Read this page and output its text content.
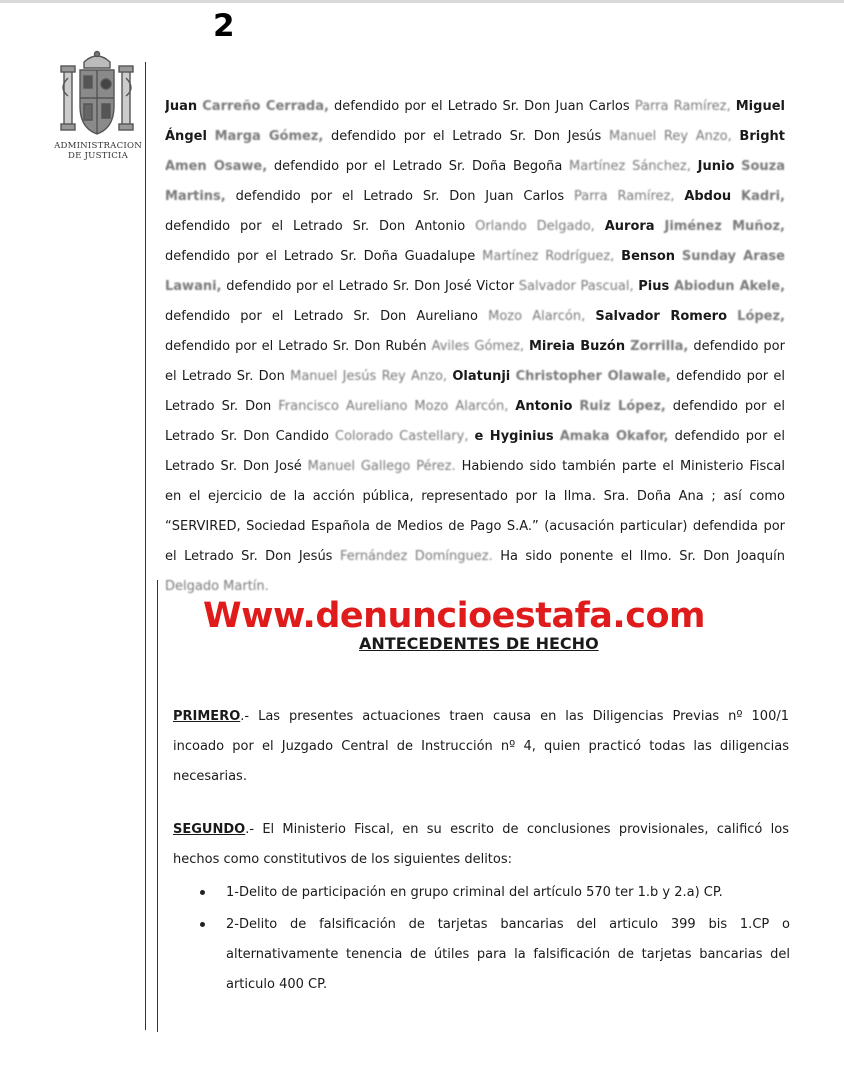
2
ADMINISTRACION DE JUSTICIA
Juan Carreño Cerrada, defendido por el Letrado Sr. Don Juan Carlos Parra Ramírez, Miguel
Ángel Marga Gómez, defendido por el Letrado Sr. Don Jesús Manuel Rey Anzo, Bright
Amen Osawe, defendido por el Letrado Sr. Doña Begoña Martínez Sánchez, Junio Souza
Martins, defendido por el Letrado Sr. Don Juan Carlos Parra Ramírez, Abdou Kadri,
defendido por el Letrado Sr. Don Antonio Orlando Delgado, Aurora Jiménez Muñoz,
defendido por el Letrado Sr. Doña Guadalupe Martínez Rodríguez, Benson Sunday Arase
Lawani, defendido por el Letrado Sr. Don José Victor Salvador Pascual, Pius Abiodun Akele,
defendido por el Letrado Sr. Don Aureliano Mozo Alarcón, Salvador Romero López,
defendido por el Letrado Sr. Don Rubén Aviles Gómez, Mireia Buzón Zorrilla, defendido por
el Letrado Sr. Don Manuel Jesús Rey Anzo, Olatunji Christopher Olawale, defendido por el
Letrado Sr. Don Francisco Aureliano Mozo Alarcón, Antonio Ruiz López, defendido por el
Letrado Sr. Don Candido Colorado Castellary, e Hyginius Amaka Okafor, defendido por el
Letrado Sr. Don José Manuel Gallego Pérez. Habiendo sido también parte el Ministerio Fiscal
en el ejercicio de la acción pública, representado por la Ilma. Sra. Doña Ana ; así como
“SERVIRED, Sociedad Española de Medios de Pago S.A.” (acusación particular) defendida por
el Letrado Sr. Don Jesús Fernández Domínguez. Ha sido ponente el Ilmo. Sr. Don Joaquín
Delgado Martín.
Www.denuncioestafa.com
ANTECEDENTES DE HECHO
PRIMERO.- Las presentes actuaciones traen causa en las Diligencias Previas nº 100/1
incoado por el Juzgado Central de Instrucción nº 4, quien practicó todas las diligencias
necesarias.
SEGUNDO.- El Ministerio Fiscal, en su escrito de conclusiones provisionales, calificó los
hechos como constitutivos de los siguientes delitos:
1-Delito de participación en grupo criminal del artículo 570 ter 1.b y 2.a) CP.
2-Delito de falsificación de tarjetas bancarias del articulo 399 bis 1.CP o
alternativamente tenencia de útiles para la falsificación de tarjetas bancarias del
articulo 400 CP.
